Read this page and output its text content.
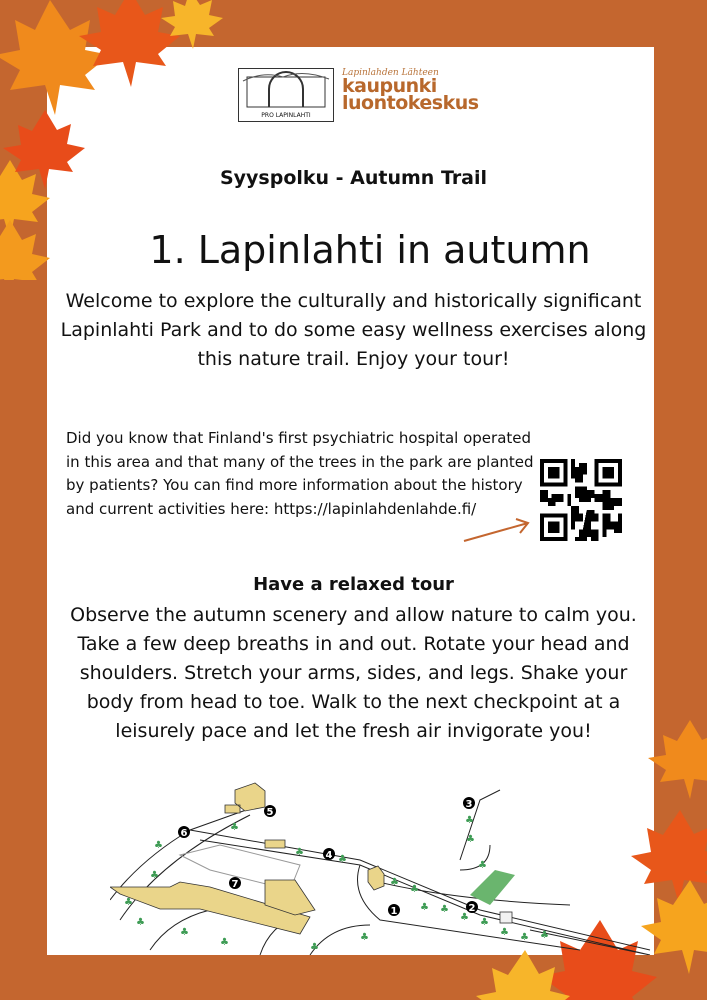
PRO LAPINLAHTI
Lapinlahden Lähteen
kaupunki
luontokeskus
Syyspolku - Autumn Trail
1. Lapinlahti in autumn
Welcome to explore the culturally and historically significant Lapinlahti Park and to do some easy wellness exercises along this nature trail. Enjoy your tour!
Did you know that Finland's first psychiatric hospital operated in this area and that many of the trees in the park are planted by patients? You can find more information about the history and current activities here: https://lapinlahdenlahde.fi/
Have a relaxed tour
Observe the autumn scenery and allow nature to calm you. Take a few deep breaths in and out. Rotate your head and shoulders. Stretch your arms, sides, and legs. Shake your body from head to toe. Walk to the next checkpoint at a leisurely pace and let the fresh air invigorate you!
♣
♣
♣
♣
♣
♣
♣
♣
♣
♣
♣
♣ ♣
♣ ♣
♣ ♣ ♣
♣
♣
♣
♣
♣
1	2
3
4
5
6
7
